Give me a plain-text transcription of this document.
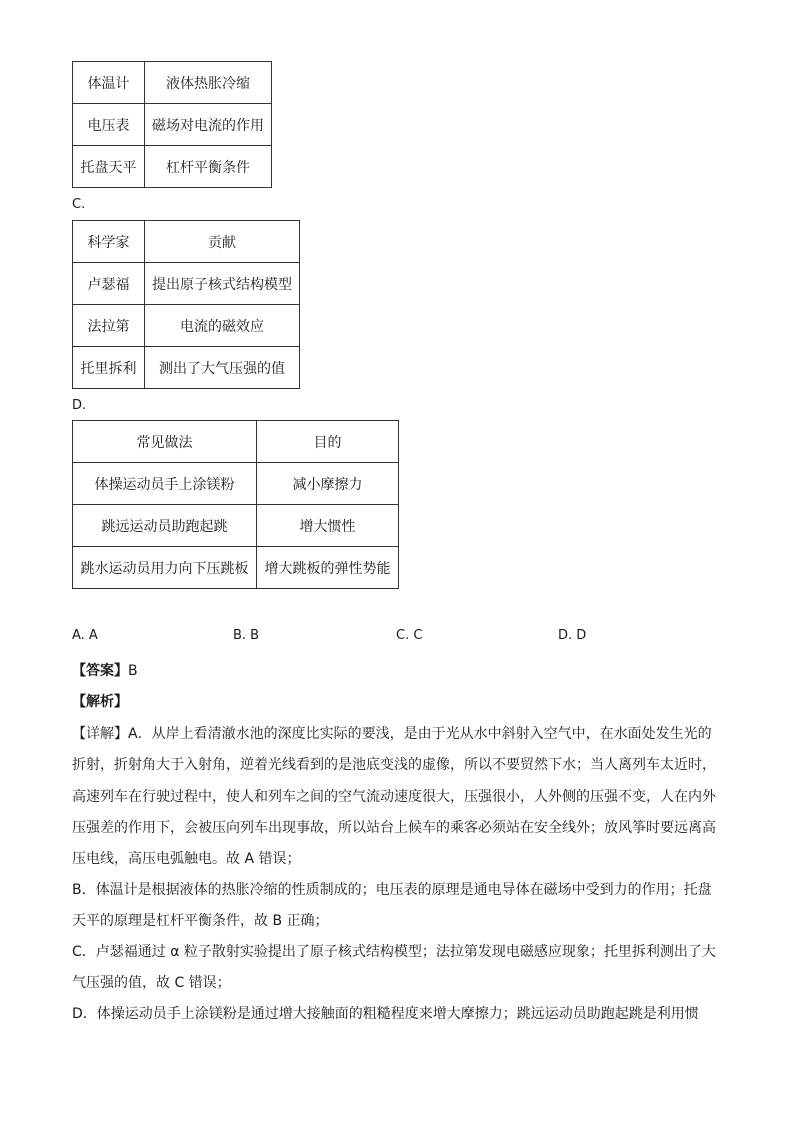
体温计	液体热胀冷缩
电压表	磁场对电流的作用
托盘天平	杠杆平衡条件
C.
科学家	贡献
卢瑟福	提出原子核式结构模型
法拉第	电流的磁效应
托里拆利	测出了大气压强的值
D.
常见做法	目的
体操运动员手上涂镁粉	减小摩擦力
跳远运动员助跑起跳	增大惯性
跳水运动员用力向下压跳板	增大跳板的弹性势能
A. A	B. B	C. C	D. D
【答案】B
【解析】
【详解】A．从岸上看清澈水池的深度比实际的要浅，是由于光从水中斜射入空气中，在水面处发生光的
折射，折射角大于入射角，逆着光线看到的是池底变浅的虚像，所以不要贸然下水；当人离列车太近时，
高速列车在行驶过程中，使人和列车之间的空气流动速度很大，压强很小，人外侧的压强不变，人在内外
压强差的作用下，会被压向列车出现事故，所以站台上候车的乘客必须站在安全线外；放风筝时要远离高
压电线，高压电弧触电。故 A 错误；
B．体温计是根据液体的热胀冷缩的性质制成的；电压表的原理是通电导体在磁场中受到力的作用；托盘
天平的原理是杠杆平衡条件，故 B 正确；
C．卢瑟福通过 α 粒子散射实验提出了原子核式结构模型；法拉第发现电磁感应现象；托里拆利测出了大
气压强的值，故 C 错误；
D．体操运动员手上涂镁粉是通过增大接触面的粗糙程度来增大摩擦力；跳远运动员助跑起跳是利用惯
